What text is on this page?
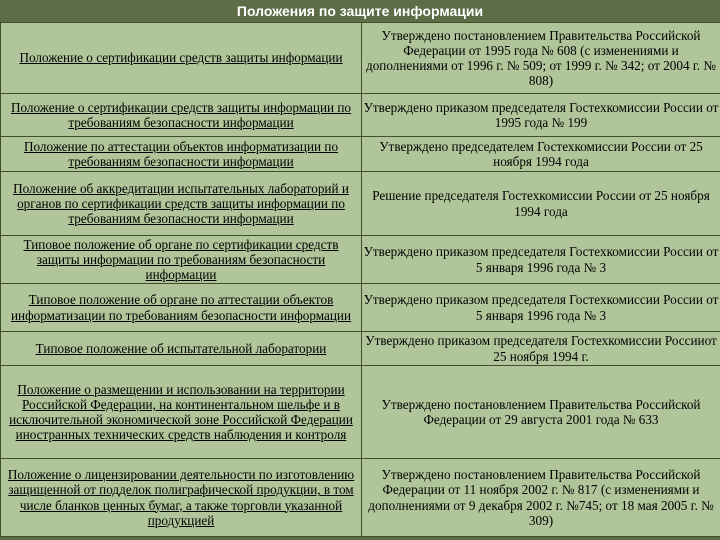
Положения по защите информации
Положение о сертификации средств защиты информации	Утверждено постановлением Правительства Российской Федерации от 1995 года № 608 (с изменениями и дополнениями от 1996 г. № 509; от 1999 г. № 342; от 2004 г. № 808)
Положение о сертификации средств защиты информации по требованиям безопасности информации	Утверждено приказом председателя Гостехкомиссии России от 1995 года № 199
Положение по аттестации объектов информатизации по требованиям безопасности информации	Утверждено председателем Гостехкомиссии России от 25 ноября 1994 года
Положение об аккредитации испытательных лабораторий и органов по сертификации средств защиты информации по требованиям безопасности информации	Решение председателя Гостехкомиссии России от 25 ноября 1994 года
Типовое положение об органе по сертификации средств защиты информации по требованиям безопасности информации	Утверждено приказом председателя Гостехкомиссии России от 5 января 1996 года № 3
Типовое положение об органе по аттестации объектов информатизации по требованиям безопасности информации	Утверждено приказом председателя Гостехкомиссии России от 5 января 1996 года № 3
Типовое положение об испытательной лаборатории	Утверждено приказом председателя Гостехкомиссии Россииот 25 ноября 1994 г.
Положение о размещении и использовании на территории Российской Федерации, на континентальном шельфе и в исключительной экономической зоне Российской Федерации иностранных технических средств наблюдения и контроля	Утверждено постановлением Правительства Российской Федерации от 29 августа 2001 года № 633
Положение о лицензировании деятельности по изготовлению защищенной от подделок полиграфической продукции, в том числе бланков ценных бумаг, а также торговли указанной продукцией	Утверждено постановлением Правительства Российской Федерации от 11 ноября 2002 г. № 817 (с изменениями и дополнениями от 9 декабря 2002 г. №745; от 18 мая 2005 г. № 309)
